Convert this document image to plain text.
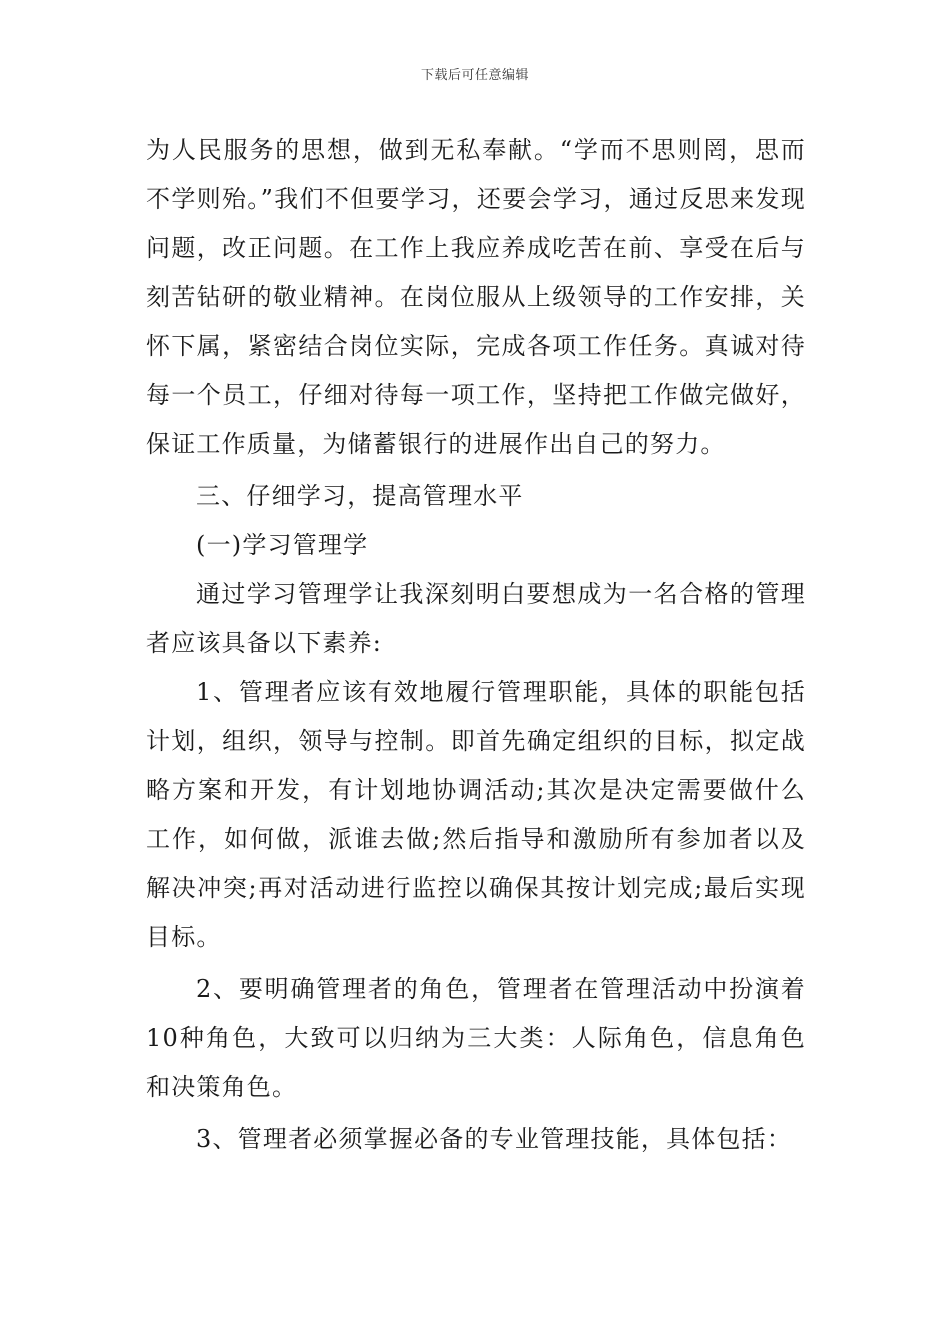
下载后可任意编辑

为人民服务的思想，做到无私奉献。“学而不思则罔，思而不学则殆。”我们不但要学习，还要会学习，通过反思来发现问题，改正问题。在工作上我应养成吃苦在前、享受在后与刻苦钻研的敬业精神。在岗位服从上级领导的工作安排，关怀下属，紧密结合岗位实际，完成各项工作任务。真诚对待每一个员工，仔细对待每一项工作，坚持把工作做完做好，保证工作质量，为储蓄银行的进展作出自己的努力。

三、仔细学习，提高管理水平

(一)学习管理学

通过学习管理学让我深刻明白要想成为一名合格的管理者应该具备以下素养:

1、管理者应该有效地履行管理职能，具体的职能包括计划，组织，领导与控制。即首先确定组织的目标，拟定战略方案和开发，有计划地协调活动;其次是决定需要做什么工作，如何做，派谁去做;然后指导和激励所有参加者以及解决冲突;再对活动进行监控以确保其按计划完成;最后实现目标。

2、要明确管理者的角色，管理者在管理活动中扮演着10种角色，大致可以归纳为三大类：人际角色，信息角色和决策角色。

3、管理者必须掌握必备的专业管理技能，具体包括：
